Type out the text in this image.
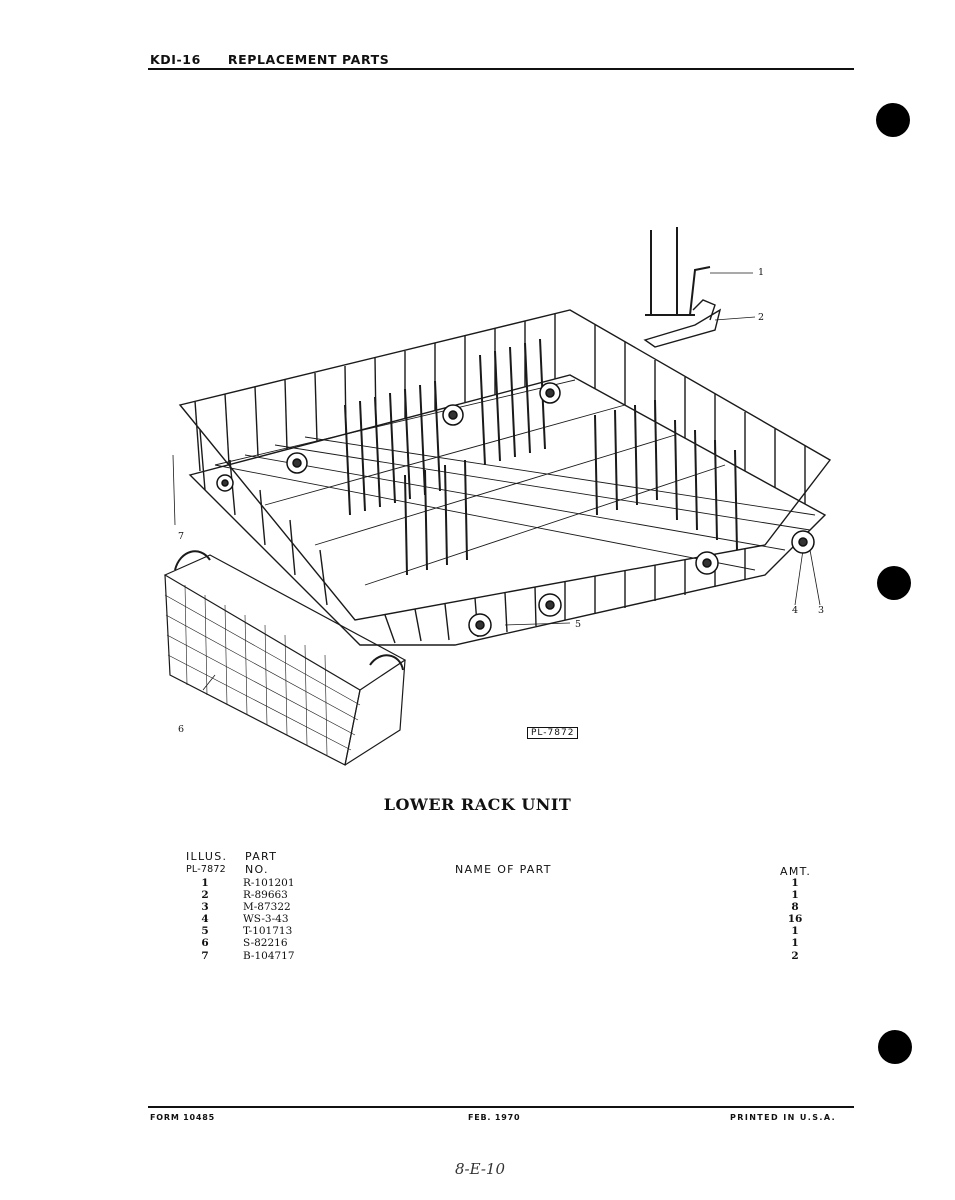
KDI-16 REPLACEMENT PARTS
1
2
3
4
5
6
7
PL-7872
LOWER RACK UNIT
ILLUS.
PL-7872
PART
NO.	NAME OF PART	AMT.
1	R-101201	1
2	R-89663	1
3	M-87322	8
4	WS-3-43	16
5	T-101713	1
6	S-82216	1
7	B-104717	2
FORM 10485	FEB. 1970	PRINTED IN U.S.A.
8-E-10
